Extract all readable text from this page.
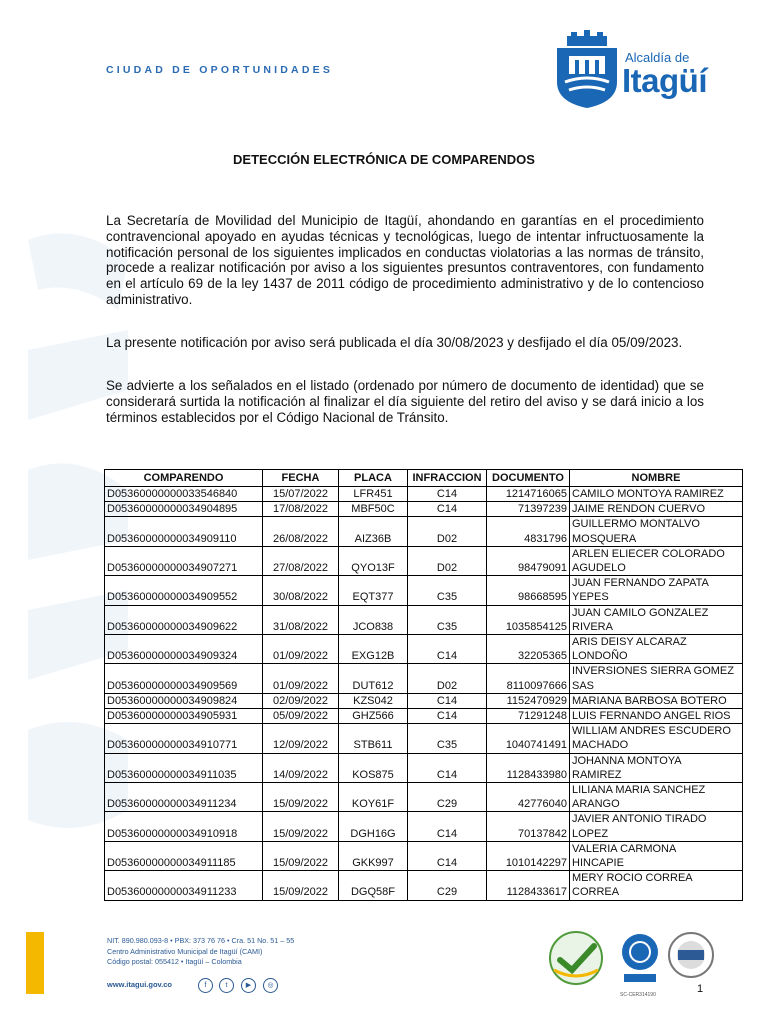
CIUDAD DE OPORTUNIDADES
Alcaldía de
Itagüí
DETECCIÓN ELECTRÓNICA DE COMPARENDOS
La Secretaría de Movilidad del Municipio de Itagüí, ahondando en garantías en el procedimiento contravencional apoyado en ayudas técnicas y tecnológicas, luego de intentar infructuosamente la notificación personal de los siguientes implicados en conductas violatorias a las normas de tránsito, procede a realizar notificación por aviso a los siguientes presuntos contraventores, con fundamento en el artículo 69 de la ley 1437 de 2011 código de procedimiento administrativo y de lo contencioso administrativo.
La presente notificación por aviso será publicada el día 30/08/2023 y desfijado el día 05/09/2023.
Se advierte a los señalados en el listado (ordenado por número de documento de identidad) que se considerará surtida la notificación al finalizar el día siguiente del retiro del aviso y se dará inicio a los términos establecidos por el Código Nacional de Tránsito.
COMPARENDO	FECHA	PLACA	INFRACCION	DOCUMENTO	NOMBRE
D05360000000033546840	15/07/2022	LFR451	C14	1214716065	CAMILO MONTOYA RAMIREZ

D05360000000034904895	17/08/2022	MBF50C	C14	71397239	JAIME RENDON CUERVO

D05360000000034909110	26/08/2022	AIZ36B	D02	4831796	GUILLERMO MONTALVO
MOSQUERA

D05360000000034907271	27/08/2022	QYO13F	D02	98479091	ARLEN ELIECER COLORADO
AGUDELO

D05360000000034909552	30/08/2022	EQT377	C35	98668595	JUAN FERNANDO ZAPATA
YEPES

D05360000000034909622	31/08/2022	JCO838	C35	1035854125	JUAN CAMILO GONZALEZ
RIVERA

D05360000000034909324	01/09/2022	EXG12B	C14	32205365	ARIS DEISY ALCARAZ
LONDOÑO

D05360000000034909569	01/09/2022	DUT612	D02	8110097666	INVERSIONES SIERRA GOMEZ
SAS

D05360000000034909824	02/09/2022	KZS042	C14	1152470929	MARIANA BARBOSA BOTERO

D05360000000034905931	05/09/2022	GHZ566	C14	71291248	LUIS FERNANDO ANGEL RIOS

D05360000000034910771	12/09/2022	STB611	C35	1040741491	WILLIAM ANDRES ESCUDERO
MACHADO

D05360000000034911035	14/09/2022	KOS875	C14	1128433980	JOHANNA MONTOYA
RAMIREZ

D05360000000034911234	15/09/2022	KOY61F	C29	42776040	LILIANA MARIA SANCHEZ
ARANGO

D05360000000034910918	15/09/2022	DGH16G	C14	70137842	JAVIER ANTONIO TIRADO
LOPEZ

D05360000000034911185	15/09/2022	GKK997	C14	1010142297	VALERIA CARMONA
HINCAPIE

D05360000000034911233	15/09/2022	DGQ58F	C29	1128433617	MERY ROCIO CORREA
CORREA
NIT. 890.980.093-8 • PBX: 373 76 76 • Cra. 51 No. 51 – 55
Centro Administrativo Municipal de Itagüí (CAMI)
Código postal: 055412 • Itagüí – Colombia
www.itagui.gov.co	f	t	▶	◎
SC-CER314190	1
